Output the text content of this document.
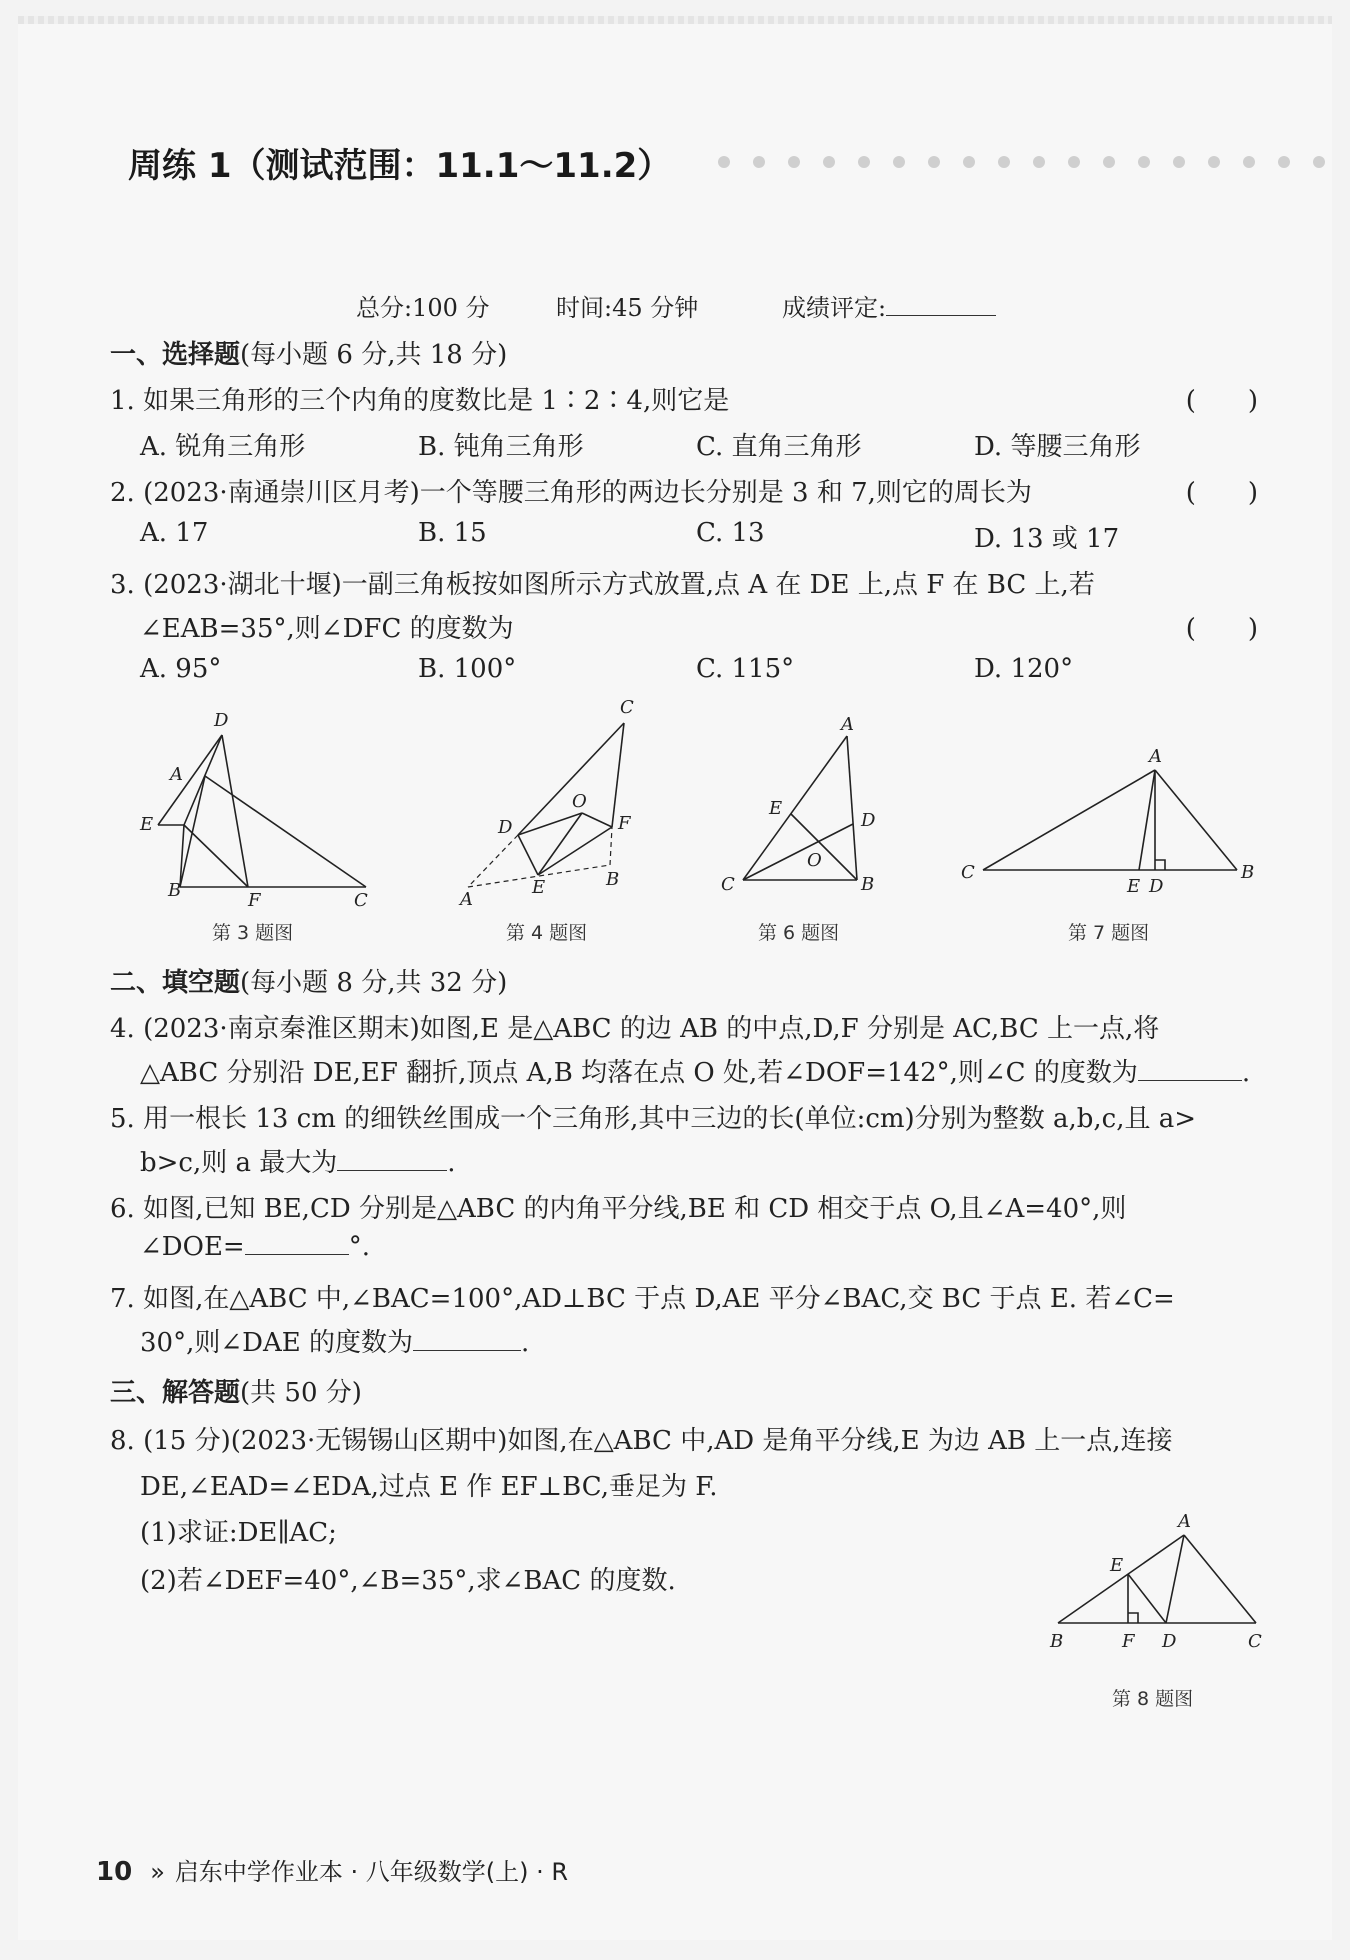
周练 1（测试范围：11.1～11.2）
总分:100 分	时间:45 分钟	成绩评定:
一、选择题(每小题 6 分,共 18 分)
1. 如果三角形的三个内角的度数比是 1∶2∶4,则它是	(　　)
A. 锐角三角形	B. 钝角三角形	C. 直角三角形	D. 等腰三角形
2. (2023·南通崇川区月考)一个等腰三角形的两边长分别是 3 和 7,则它的周长为	(　　)
A. 17	B. 15	C. 13	D. 13 或 17
3. (2023·湖北十堰)一副三角板按如图所示方式放置,点 A 在 DE 上,点 F 在 BC 上,若
∠EAB=35°,则∠DFC 的度数为	(　　)
A. 95°	B. 100°	C. 115°	D. 120°
D
A
E
B	F	C
第 3 题图
C
O
D	F
A
E	B
第 4 题图
A
E
D
O
C	B
第 6 题图
A
C
E D
B
第 7 题图
二、填空题(每小题 8 分,共 32 分)
4. (2023·南京秦淮区期末)如图,E 是△ABC 的边 AB 的中点,D,F 分别是 AC,BC 上一点,将
△ABC 分别沿 DE,EF 翻折,顶点 A,B 均落在点 O 处,若∠DOF=142°,则∠C 的度数为	.
5. 用一根长 13 cm 的细铁丝围成一个三角形,其中三边的长(单位:cm)分别为整数 a,b,c,且 a>
b>c,则 a 最大为	.
6. 如图,已知 BE,CD 分别是△ABC 的内角平分线,BE 和 CD 相交于点 O,且∠A=40°,则
∠DOE=	°.
7. 如图,在△ABC 中,∠BAC=100°,AD⊥BC 于点 D,AE 平分∠BAC,交 BC 于点 E. 若∠C=
30°,则∠DAE 的度数为	.
三、解答题(共 50 分)
8. (15 分)(2023·无锡锡山区期中)如图,在△ABC 中,AD 是角平分线,E 为边 AB 上一点,连接
DE,∠EAD=∠EDA,过点 E 作 EF⊥BC,垂足为 F.
(1)求证:DE∥AC;
(2)若∠DEF=40°,∠B=35°,求∠BAC 的度数.
A
E
B	F D	C
第 8 题图
10 » 启东中学作业本 · 八年级数学(上) · R
